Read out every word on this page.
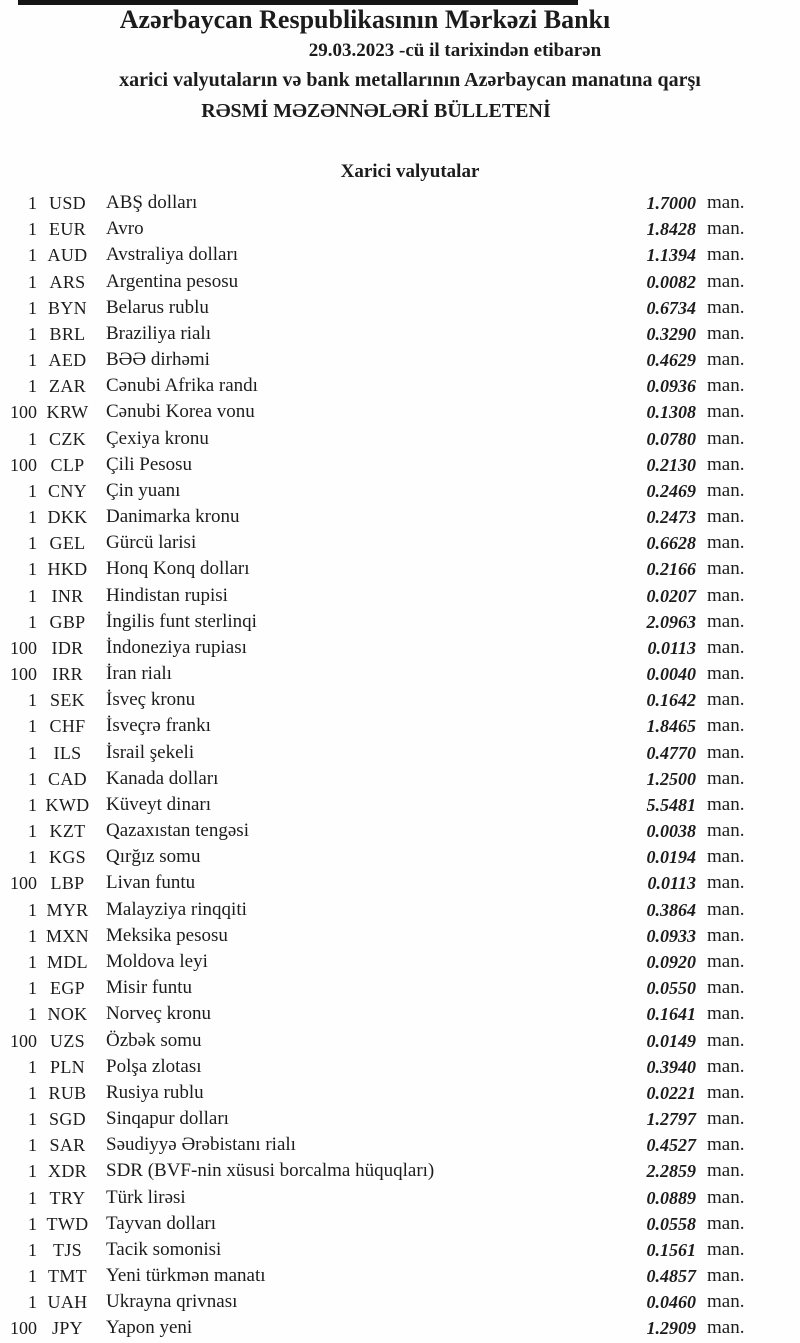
Azərbaycan Respublikasının Mərkəzi Bankı
29.03.2023 -cü il tarixindən etibarən
xarici valyutaların və bank metallarının Azərbaycan manatına qarşı
RƏSMİ MƏZƏNNƏLƏRİ BÜLLETENİ
Xarici valyutalar
1 USD	ABŞ dolları	1.7000 man.
1 EUR	Avro	1.8428 man.
1 AUD Avstraliya dolları	1.1394 man.
1 ARS	Argentina pesosu	0.0082 man.
1 BYN	Belarus rublu	0.6734 man.
1 BRL	Braziliya rialı	0.3290 man.
1 AED	BƏƏ dirhəmi	0.4629 man.
1 ZAR	Cənubi Afrika randı	0.0936 man.
100 KRW Cənubi Korea vonu	0.1308 man.
1 CZK	Çexiya kronu	0.0780 man.
100 CLP	Çili Pesosu	0.2130 man.
1 CNY	Çin yuanı	0.2469 man.
1 DKK Danimarka kronu	0.2473 man.
1 GEL	Gürcü larisi	0.6628 man.
1 HKD Honq Konq dolları	0.2166 man.
1 INR	Hindistan rupisi	0.0207 man.
1 GBP	İngilis funt sterlinqi	2.0963 man.
100 IDR	İndoneziya rupiası	0.0113 man.
100 IRR	İran rialı	0.0040 man.
1 SEK	İsveç kronu	0.1642 man.
1 CHF	İsveçrə frankı	1.8465 man.
1 ILS	İsrail şekeli	0.4770 man.
1 CAD	Kanada dolları	1.2500 man.
1 KWD Küveyt dinarı	5.5481 man.
1 KZT	Qazaxıstan tengəsi	0.0038 man.
1 KGS	Qırğız somu	0.0194 man.
100 LBP	Livan funtu	0.0113 man.
1 MYR Malayziya rinqqiti	0.3864 man.
1 MXN Meksika pesosu	0.0933 man.
1 MDL Moldova leyi	0.0920 man.
1 EGP	Misir funtu	0.0550 man.
1 NOK Norveç kronu	0.1641 man.
100 UZS	Özbək somu	0.0149 man.
1 PLN	Polşa zlotası	0.3940 man.
1 RUB	Rusiya rublu	0.0221 man.
1 SGD	Sinqapur dolları	1.2797 man.
1 SAR	Səudiyyə Ərəbistanı rialı	0.4527 man.
1 XDR	SDR (BVF-nin xüsusi borcalma hüquqları)	2.2859 man.
1 TRY	Türk lirəsi	0.0889 man.
1 TWD Tayvan dolları	0.0558 man.
1 TJS	Tacik somonisi	0.1561 man.
1 TMT	Yeni türkmən manatı	0.4857 man.
1 UAH Ukrayna qrivnası	0.0460 man.
100 JPY	Yapon yeni	1.2909 man.
